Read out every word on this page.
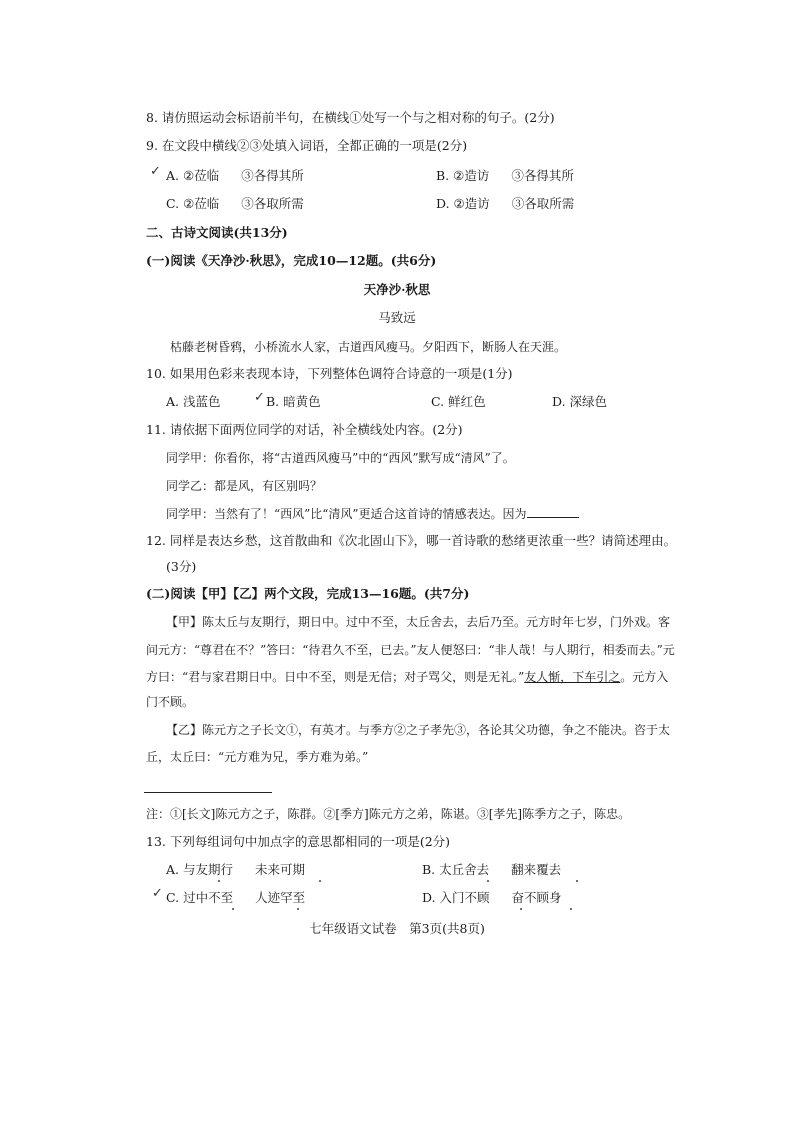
8. 请仿照运动会标语前半句，在横线①处写一个与之相对称的句子。(2分)
9. 在文段中横线②③处填入词语，全都正确的一项是(2分)
A. ②莅临 ③各得其所	B. ②造访 ③各得其所
C. ②莅临 ③各取所需	D. ②造访 ③各取所需
✓
二、古诗文阅读(共13分)
(一)阅读《天净沙·秋思》，完成10—12题。(共6分)
天净沙·秋思
马致远
枯藤老树昏鸦，小桥流水人家，古道西风瘦马。夕阳西下，断肠人在天涯。
10. 如果用色彩来表现本诗，下列整体色调符合诗意的一项是(1分)
A. 浅蓝色	B. 暗黄色	C. 鲜红色	D. 深绿色
✓
11. 请依据下面两位同学的对话，补全横线处内容。(2分)
同学甲：你看你，将“古道西风瘦马”中的“西风”默写成“清风”了。
同学乙：都是风，有区别吗？
同学甲：当然有了！“西风”比“清风”更适合这首诗的情感表达。因为
12. 同样是表达乡愁，这首散曲和《次北固山下》，哪一首诗歌的愁绪更浓重一些？请简述理由。
(3分)
(二)阅读【甲】【乙】两个文段，完成13—16题。(共7分)
【甲】陈太丘与友期行，期日中。过中不至，太丘舍去，去后乃至。元方时年七岁，门外戏。客
问元方：“尊君在不？”答曰：“待君久不至，已去。”友人便怒曰：“非人哉！与人期行，相委而去。”元
方曰：“君与家君期日中。日中不至，则是无信；对子骂父，则是无礼。”友人惭，下车引之。元方入
门不顾。
【乙】陈元方之子长文①，有英才。与季方②之子孝先③，各论其父功德，争之不能决。咨于太
丘，太丘曰：“元方难为兄，季方难为弟。”
注：①[长文]陈元方之子，陈群。②[季方]陈元方之弟，陈谌。③[孝先]陈季方之子，陈忠。
13. 下列每组词句中加点字的意思都相同的一项是(2分)
A. 与友期行 未来可期	B. 太丘舍去 翻来覆去
C. 过中不至 人迹罕至	D. 入门不顾 奋不顾身
✓
七年级语文试卷　第3页(共8页)
